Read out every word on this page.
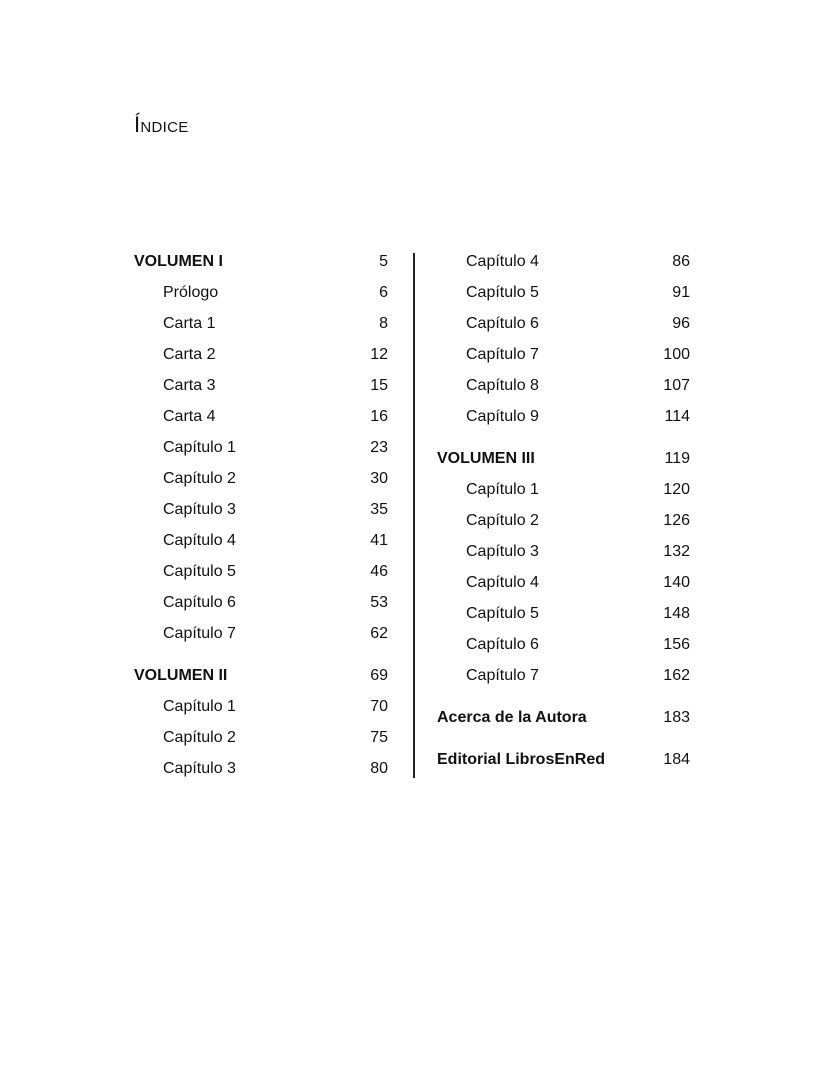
Índice
VOLUMEN I	5
Prólogo	6
Carta 1	8
Carta 2	12
Carta 3	15
Carta 4	16
Capítulo 1	23
Capítulo 2	30
Capítulo 3	35
Capítulo 4	41
Capítulo 5	46
Capítulo 6	53
Capítulo 7	62
VOLUMEN II	69
Capítulo 1	70
Capítulo 2	75
Capítulo 3	80
Capítulo 4	86
Capítulo 5	91
Capítulo 6	96
Capítulo 7	100
Capítulo 8	107
Capítulo 9	114
VOLUMEN III	119
Capítulo 1	120
Capítulo 2	126
Capítulo 3	132
Capítulo 4	140
Capítulo 5	148
Capítulo 6	156
Capítulo 7	162
Acerca de la Autora	183
Editorial LibrosEnRed	184
